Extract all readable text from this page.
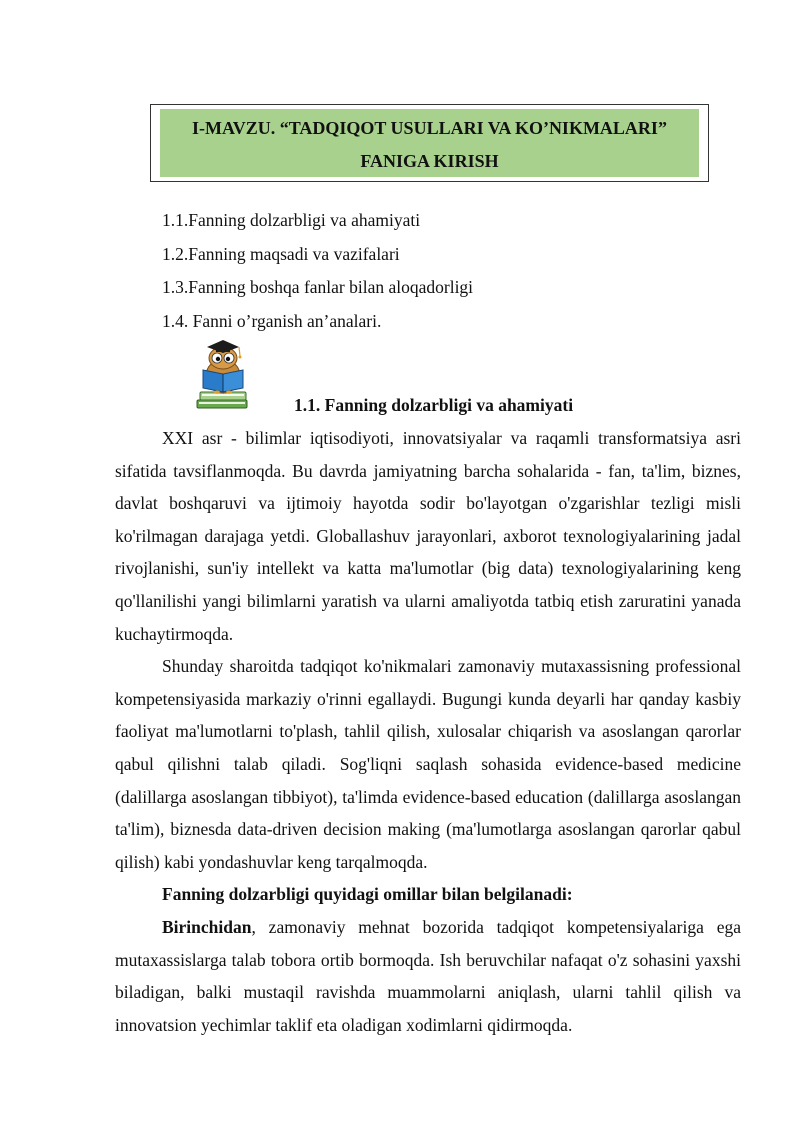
I-MAVZU. “TADQIQOT USULLARI VA KO’NIKMALARI”
FANIGA KIRISH
1.1.Fanning dolzarbligi va ahamiyati
1.2.Fanning maqsadi va vazifalari
1.3.Fanning boshqa fanlar bilan aloqadorligi
1.4. Fanni o’rganish an’analari.
1.1. Fanning dolzarbligi va ahamiyati

XXI asr - bilimlar iqtisodiyoti, innovatsiyalar va raqamli transformatsiya asri sifatida tavsiflanmoqda. Bu davrda jamiyatning barcha sohalarida - fan, ta'lim, biznes, davlat boshqaruvi va ijtimoiy hayotda sodir bo'layotgan o'zgarishlar tezligi misli ko'rilmagan darajaga yetdi. Globallashuv jarayonlari, axborot texnologiyalarining jadal rivojlanishi, sun'iy intellekt va katta ma'lumotlar (big data) texnologiyalarining keng qo'llanilishi yangi bilimlarni yaratish va ularni amaliyotda tatbiq etish zaruratini yanada kuchaytirmoqda.

Shunday sharoitda tadqiqot ko'nikmalari zamonaviy mutaxassisning professional kompetensiyasida markaziy o'rinni egallaydi. Bugungi kunda deyarli har qanday kasbiy faoliyat ma'lumotlarni to'plash, tahlil qilish, xulosalar chiqarish va asoslangan qarorlar qabul qilishni talab qiladi. Sog'liqni saqlash sohasida evidence-based medicine (dalillarga asoslangan tibbiyot), ta'limda evidence-based education (dalillarga asoslangan ta'lim), biznesda data-driven decision making (ma'lumotlarga asoslangan qarorlar qabul qilish) kabi yondashuvlar keng tarqalmoqda.

Fanning dolzarbligi quyidagi omillar bilan belgilanadi:

Birinchidan, zamonaviy mehnat bozorida tadqiqot kompetensiyalariga ega mutaxassislarga talab tobora ortib bormoqda. Ish beruvchilar nafaqat o'z sohasini yaxshi biladigan, balki mustaqil ravishda muammolarni aniqlash, ularni tahlil qilish va innovatsion yechimlar taklif eta oladigan xodimlarni qidirmoqda.
